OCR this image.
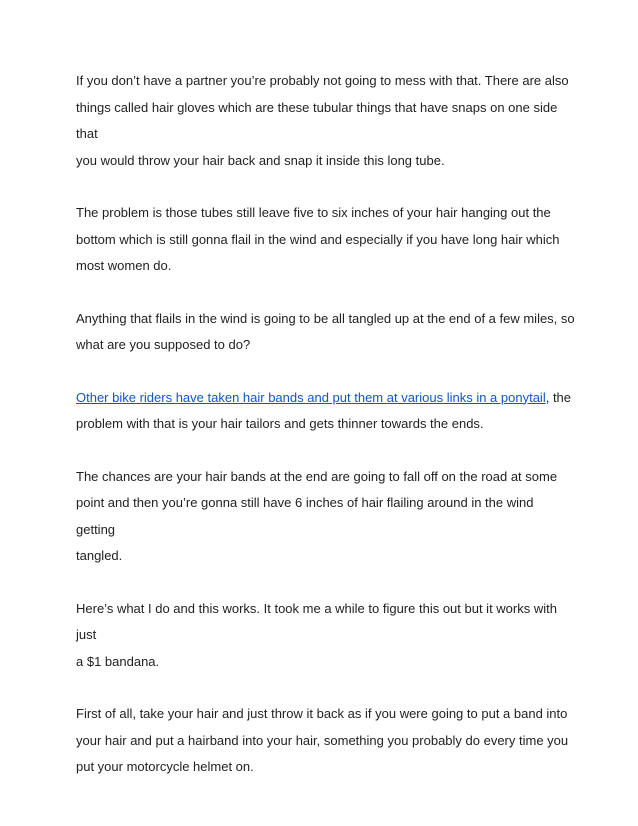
If you don’t have a partner you’re probably not going to mess with that. There are also
things called hair gloves which are these tubular things that have snaps on one side that
you would throw your hair back and snap it inside this long tube.

The problem is those tubes still leave five to six inches of your hair hanging out the
bottom which is still gonna flail in the wind and especially if you have long hair which
most women do.

Anything that flails in the wind is going to be all tangled up at the end of a few miles, so
what are you supposed to do?

Other bike riders have taken hair bands and put them at various links in a ponytail, the
problem with that is your hair tailors and gets thinner towards the ends.

The chances are your hair bands at the end are going to fall off on the road at some
point and then you’re gonna still have 6 inches of hair flailing around in the wind getting
tangled.

Here’s what I do and this works. It took me a while to figure this out but it works with just
a $1 bandana.

First of all, take your hair and just throw it back as if you were going to put a band into
your hair and put a hairband into your hair, something you probably do every time you
put your motorcycle helmet on.
